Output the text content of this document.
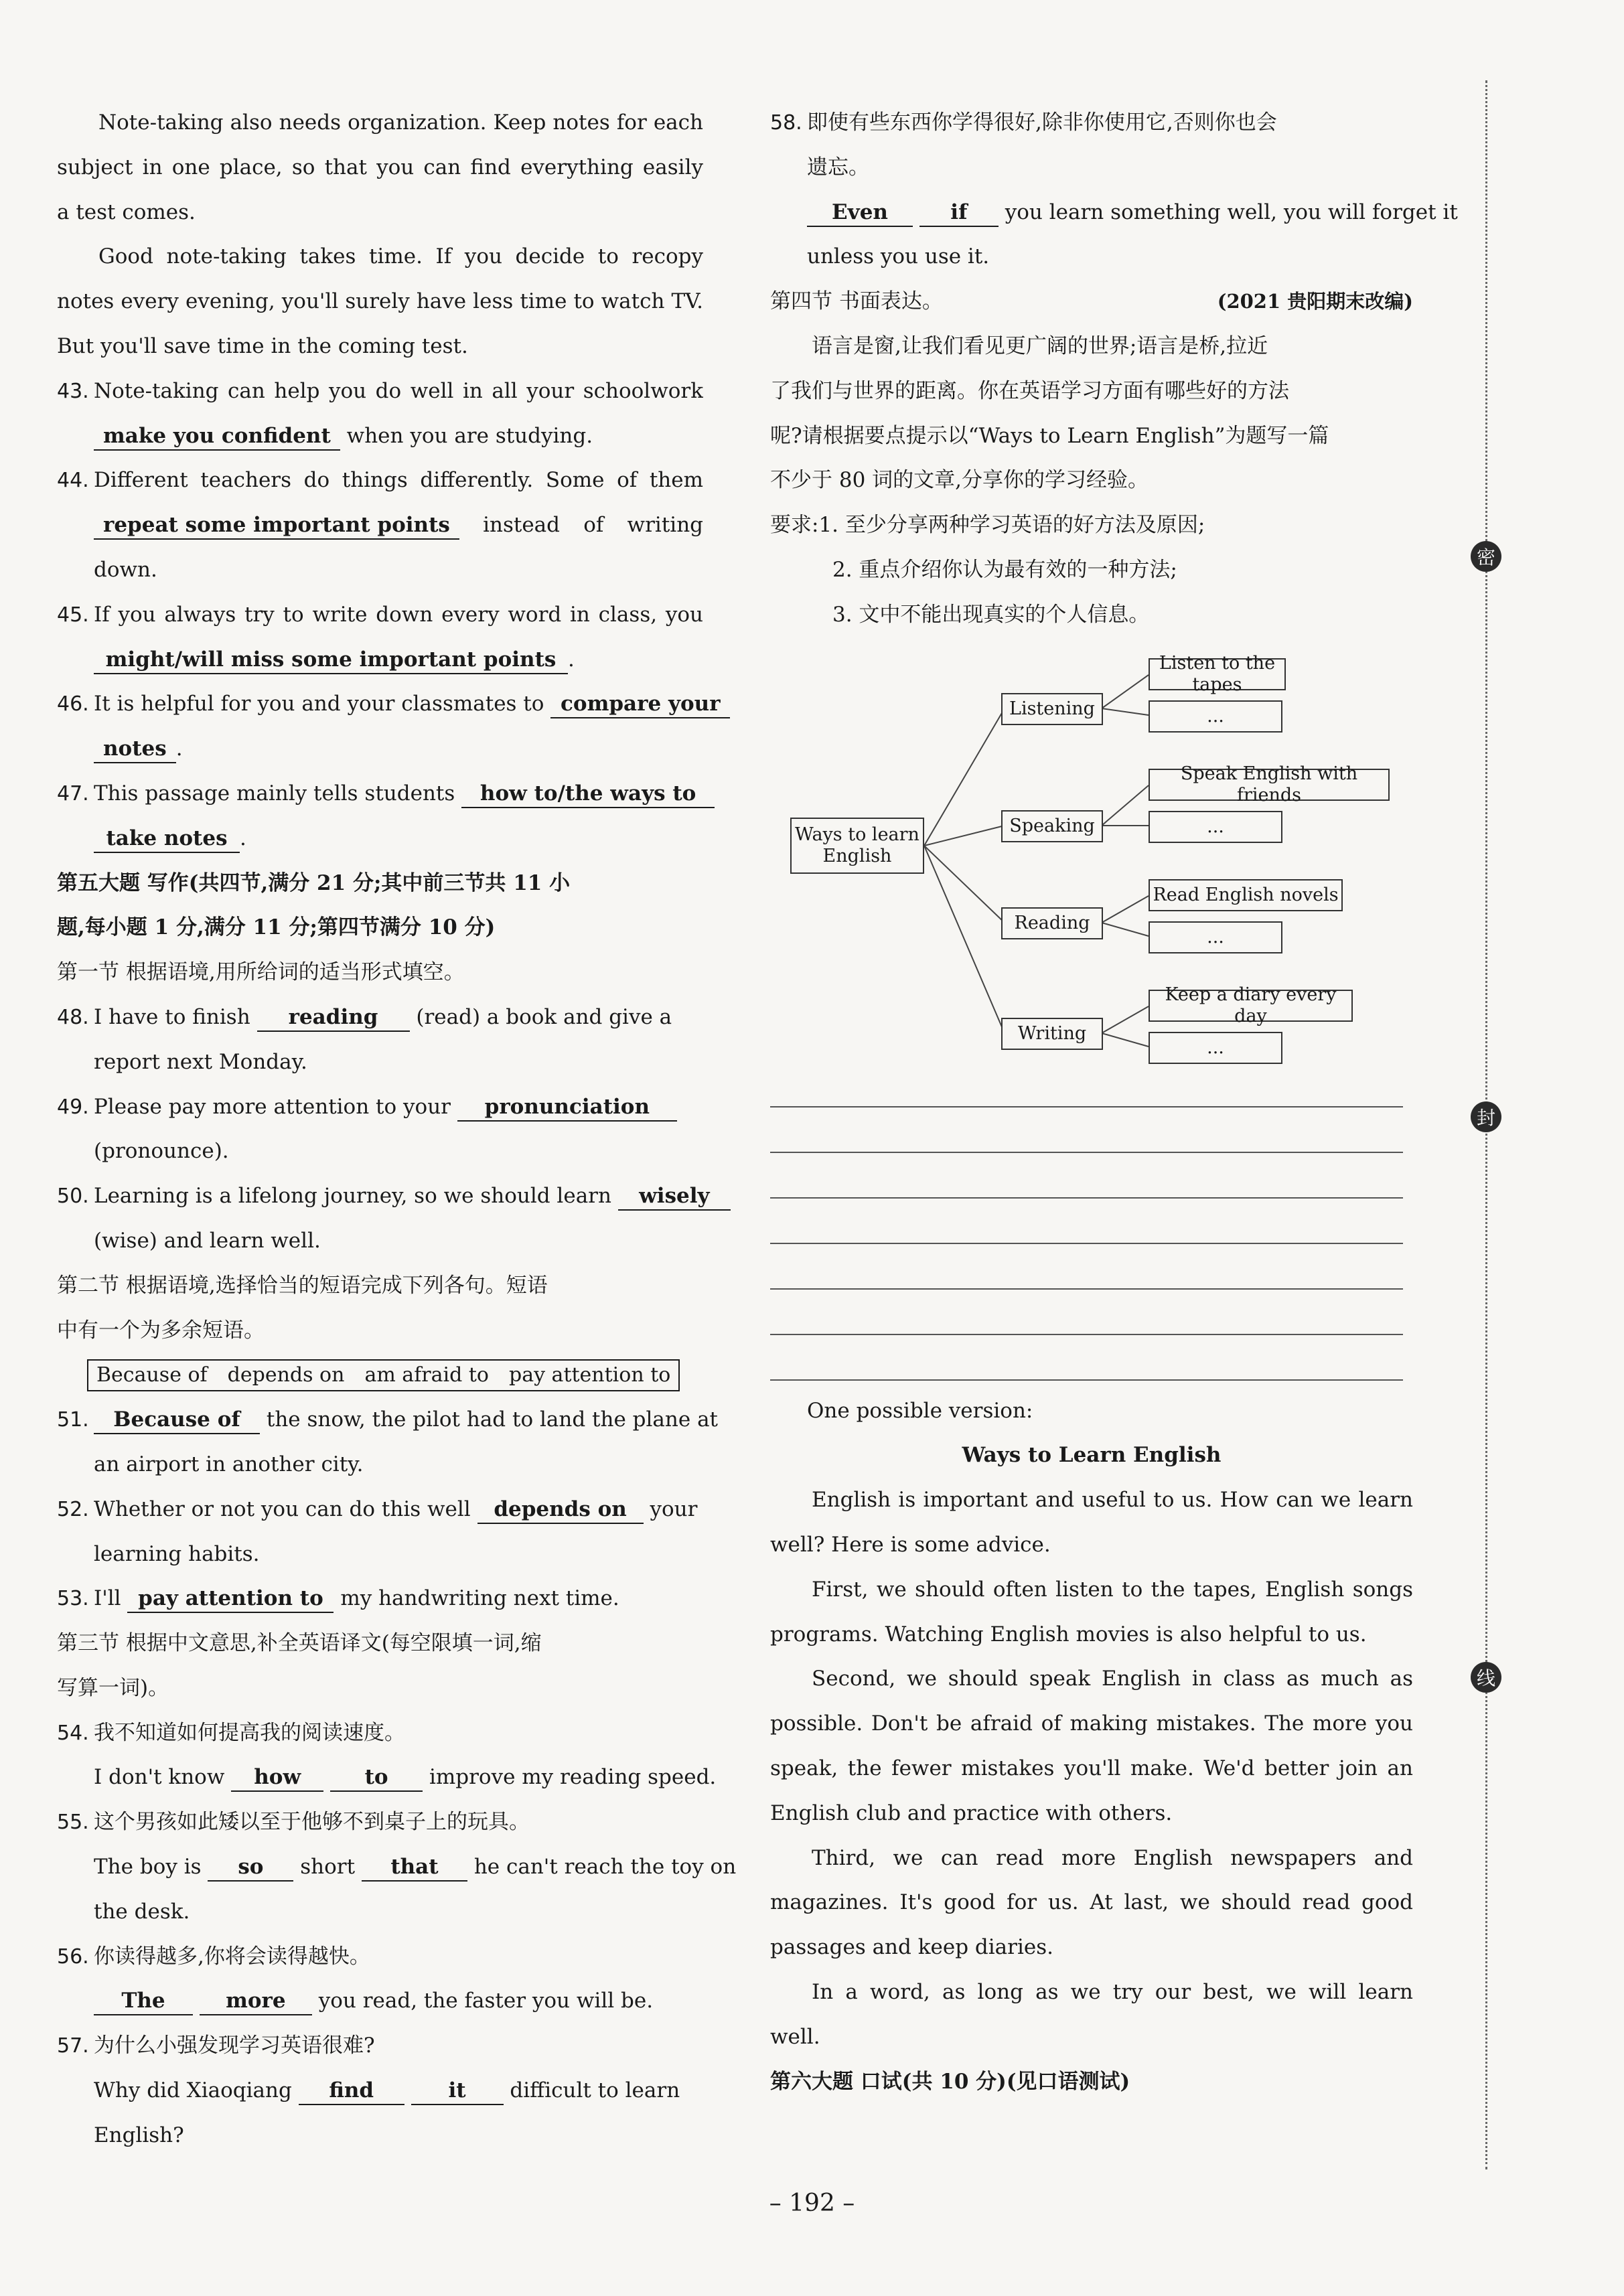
密
封
线
Note-taking also needs organization. Keep notes for each
subject in one place, so that you can find everything easily
a test comes.
Good note-taking takes time. If you decide to recopy
notes every evening, you'll surely have less time to watch TV.
But you'll save time in the coming test.
43. Note-taking can help you do well in all your schoolwork
make you confident when you are studying.
44. Different teachers do things differently. Some of them
repeat some important points instead of writing
down.
45. If you always try to write down every word in class, you
might/will miss some important points .
46. It is helpful for you and your classmates to compare your
notes .
47. This passage mainly tells students how to/the ways to
take notes .
第五大题 写作(共四节,满分 21 分;其中前三节共 11 小
题,每小题 1 分,满分 11 分;第四节满分 10 分)
第一节 根据语境,用所给词的适当形式填空。
48. I have to finish reading (read) a book and give a
report next Monday.
49. Please pay more attention to your pronunciation
(pronounce).
50. Learning is a lifelong journey, so we should learn wisely
(wise) and learn well.
第二节 根据语境,选择恰当的短语完成下列各句。短语
中有一个为多余短语。
Because of depends on am afraid to pay attention to
51. Because of the snow, the pilot had to land the plane at
an airport in another city.
52. Whether or not you can do this well depends on your
learning habits.
53. I'll pay attention to my handwriting next time.
第三节 根据中文意思,补全英语译文(每空限填一词,缩
写算一词)。
54. 我不知道如何提高我的阅读速度。
I don't know how	to improve my reading speed.
55. 这个男孩如此矮以至于他够不到桌子上的玩具。
The boy is so short that he can't reach the toy on
the desk.
56. 你读得越多,你将会读得越快。
The	more you read, the faster you will be.
57. 为什么小强发现学习英语很难?
Why did Xiaoqiang find	it difficult to learn
English?
58. 即使有些东西你学得很好,除非你使用它,否则你也会
遗忘。
Even	if you learn something well, you will forget it
unless you use it.
第四节 书面表达。	(2021 贵阳期末改编)
语言是窗,让我们看见更广阔的世界;语言是桥,拉近
了我们与世界的距离。你在英语学习方面有哪些好的方法
呢?请根据要点提示以“Ways to Learn English”为题写一篇
不少于 80 词的文章,分享你的学习经验。
要求:1. 至少分享两种学习英语的好方法及原因;
2. 重点介绍你认为最有效的一种方法;
3. 文中不能出现真实的个人信息。
Ways to learn English
Listening
Listen to the tapes
...
Speaking
Speak English with friends
...
Reading
Read English novels
...
Writing
Keep a diary every day
...
One possible version:
Ways to Learn English
English is important and useful to us. How can we learn
well? Here is some advice.
First, we should often listen to the tapes, English songs
programs. Watching English movies is also helpful to us.
Second, we should speak English in class as much as
possible. Don't be afraid of making mistakes. The more you
speak, the fewer mistakes you'll make. We'd better join an
English club and practice with others.
Third, we can read more English newspapers and
magazines. It's good for us. At last, we should read good
passages and keep diaries.
In a word, as long as we try our best, we will learn
well.
第六大题 口试(共 10 分)(见口语测试)
– 192 –
